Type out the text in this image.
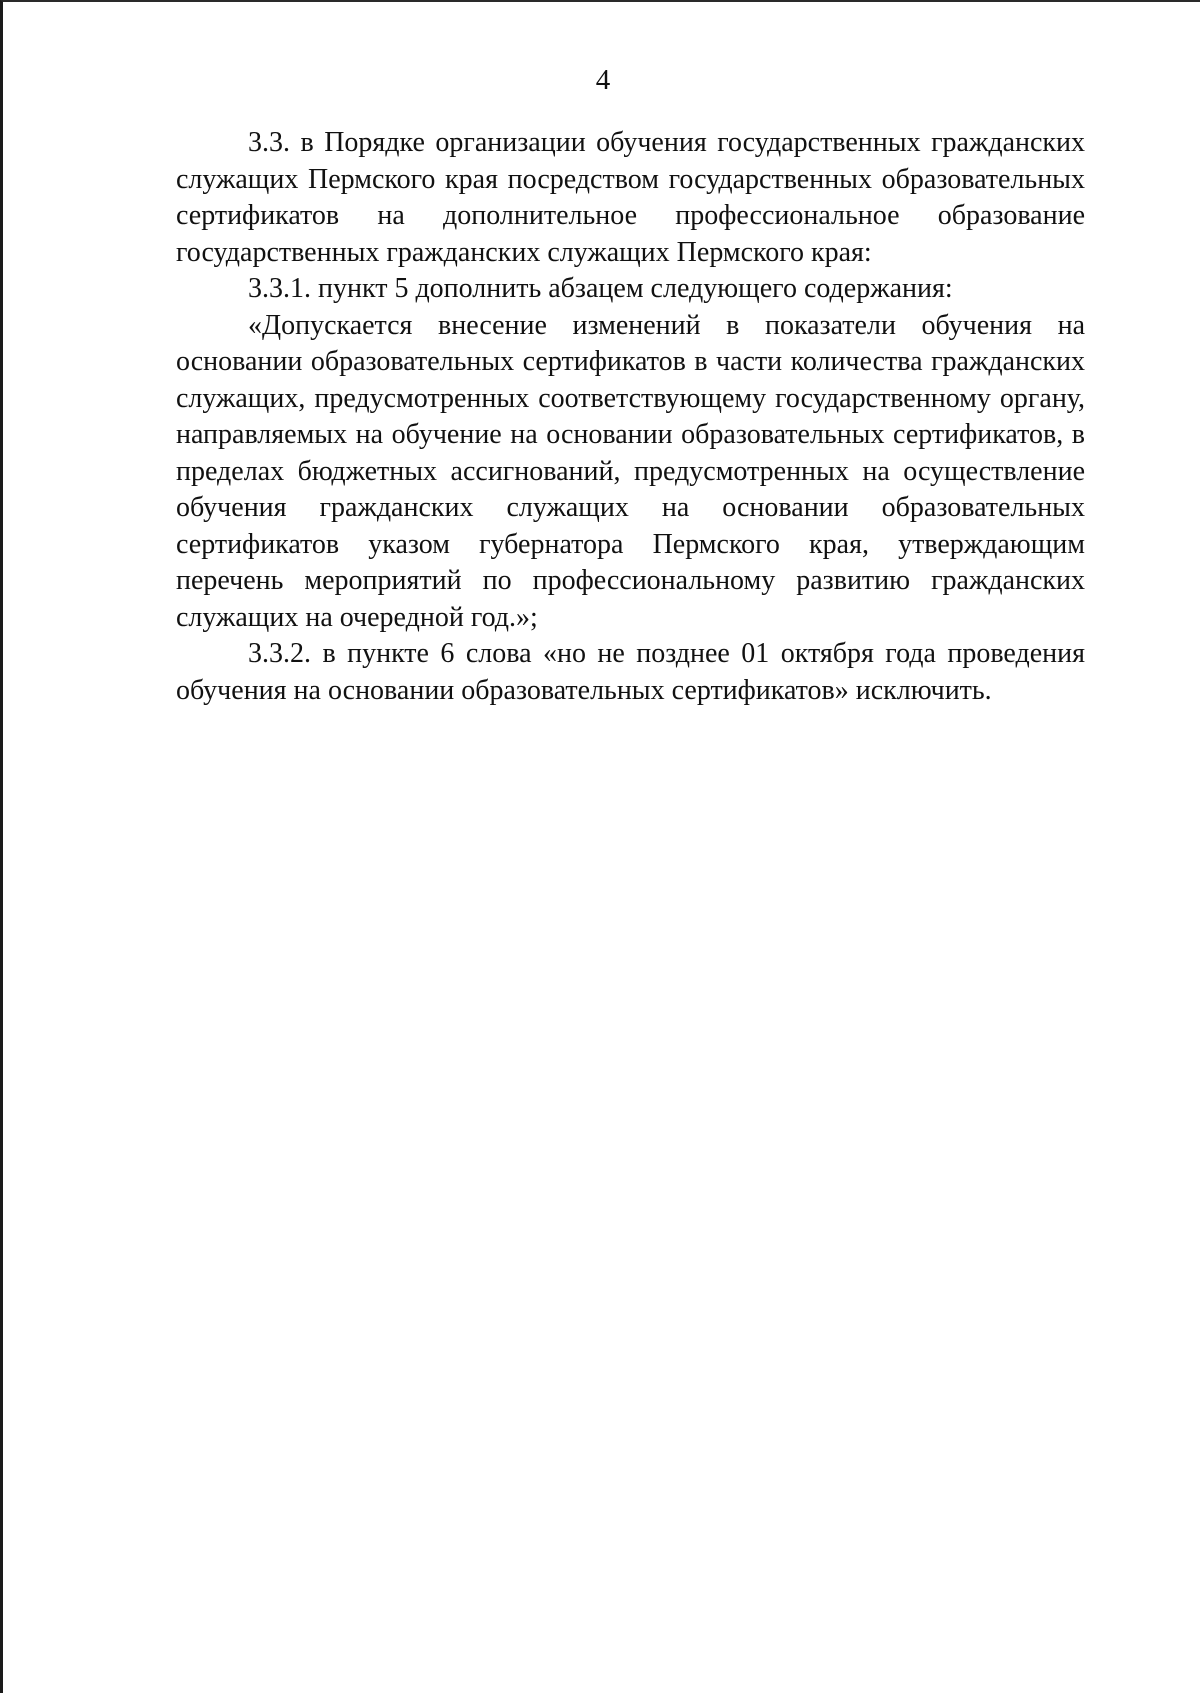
4

3.3. в Порядке организации обучения государственных гражданских служащих Пермского края посредством государственных образовательных сертификатов на дополнительное профессиональное образование государственных гражданских служащих Пермского края:

3.3.1. пункт 5 дополнить абзацем следующего содержания:

«Допускается внесение изменений в показатели обучения на основании образовательных сертификатов в части количества гражданских служащих, предусмотренных соответствующему государственному органу, направляемых на обучение на основании образовательных сертификатов, в пределах бюджетных ассигнований, предусмотренных на осуществление обучения гражданских служащих на основании образовательных сертификатов указом губернатора Пермского края, утверждающим перечень мероприятий по профессиональному развитию гражданских служащих на очередной год.»;

3.3.2. в пункте 6 слова «но не позднее 01 октября года проведения обучения на основании образовательных сертификатов» исключить.
